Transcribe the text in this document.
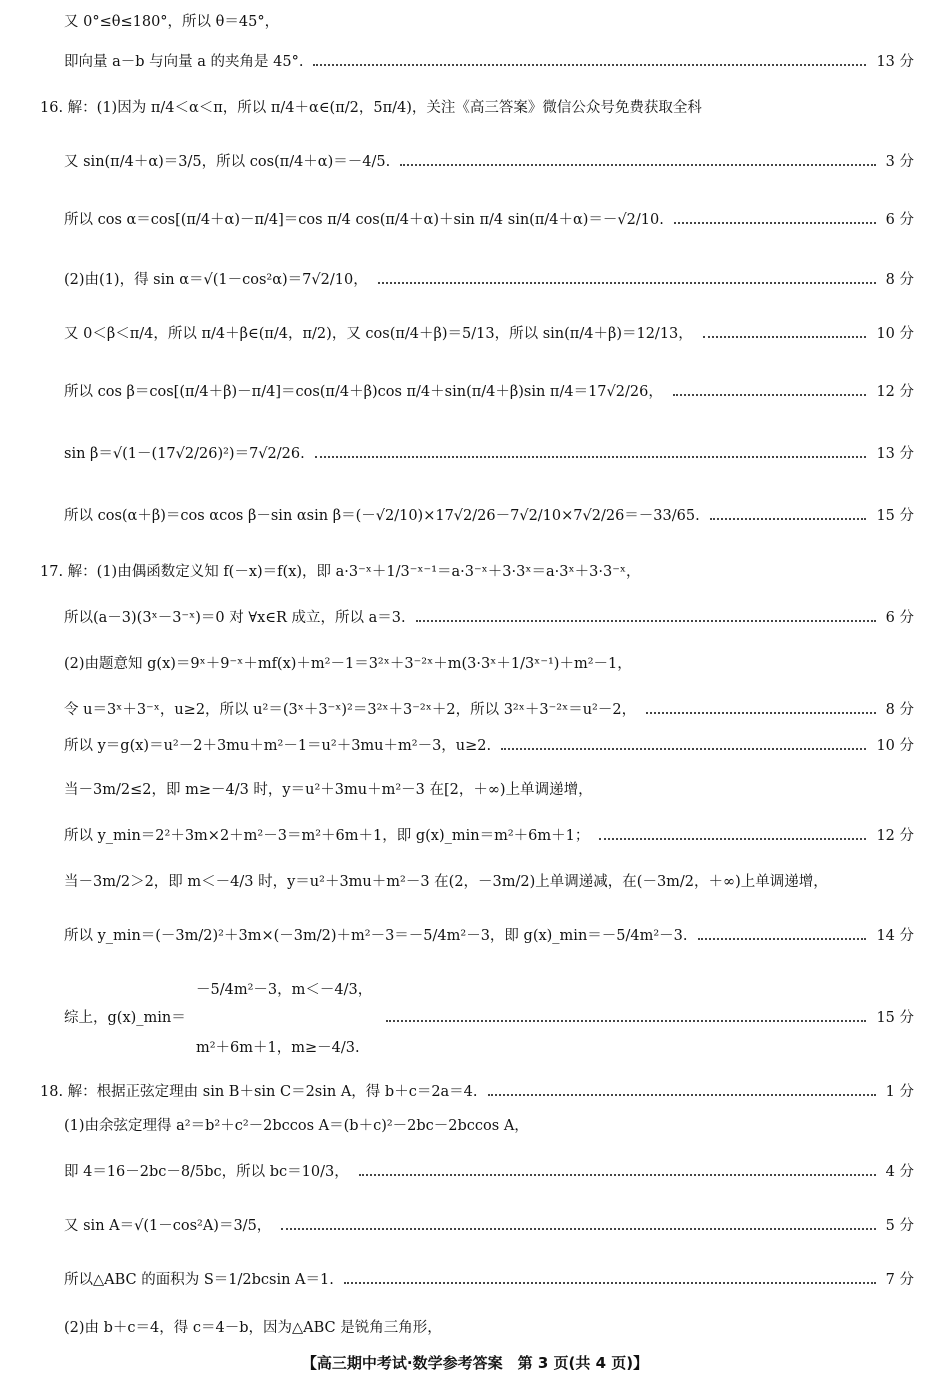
又 0°≤θ≤180°，所以 θ＝45°，
即向量 a－b 与向量 a 的夹角是 45°.	13 分
16. 解：(1)因为 π/4＜α＜π，所以 π/4＋α∈(π/2，5π/4)，关注《高三答案》微信公众号免费获取全科
又 sin(π/4＋α)＝3/5，所以 cos(π/4＋α)＝－4/5.	3 分
所以 cos α＝cos[(π/4＋α)－π/4]＝cos π/4 cos(π/4＋α)＋sin π/4 sin(π/4＋α)＝－√2/10.	6 分
(2)由(1)，得 sin α＝√(1－cos²α)＝7√2/10，	8 分
又 0＜β＜π/4，所以 π/4＋β∈(π/4，π/2)，又 cos(π/4＋β)＝5/13，所以 sin(π/4＋β)＝12/13，	10 分
所以 cos β＝cos[(π/4＋β)－π/4]＝cos(π/4＋β)cos π/4＋sin(π/4＋β)sin π/4＝17√2/26，	12 分
sin β＝√(1－(17√2/26)²)＝7√2/26.	13 分
所以 cos(α＋β)＝cos αcos β－sin αsin β＝(－√2/10)×17√2/26－7√2/10×7√2/26＝－33/65.	15 分
17. 解：(1)由偶函数定义知 f(－x)＝f(x)，即 a·3⁻ˣ＋1/3⁻ˣ⁻¹＝a·3⁻ˣ＋3·3ˣ＝a·3ˣ＋3·3⁻ˣ，
所以(a－3)(3ˣ－3⁻ˣ)＝0 对 ∀x∈R 成立，所以 a＝3.	6 分
(2)由题意知 g(x)＝9ˣ＋9⁻ˣ＋mf(x)＋m²－1＝3²ˣ＋3⁻²ˣ＋m(3·3ˣ＋1/3ˣ⁻¹)＋m²－1，
令 u＝3ˣ＋3⁻ˣ，u≥2，所以 u²＝(3ˣ＋3⁻ˣ)²＝3²ˣ＋3⁻²ˣ＋2，所以 3²ˣ＋3⁻²ˣ＝u²－2，	8 分
所以 y＝g(x)＝u²－2＋3mu＋m²－1＝u²＋3mu＋m²－3，u≥2.	10 分
当－3m/2≤2，即 m≥－4/3 时，y＝u²＋3mu＋m²－3 在[2，＋∞)上单调递增，
所以 y_min＝2²＋3m×2＋m²－3＝m²＋6m＋1，即 g(x)_min＝m²＋6m＋1；	12 分
当－3m/2＞2，即 m＜－4/3 时，y＝u²＋3mu＋m²－3 在(2，－3m/2)上单调递减，在(－3m/2，＋∞)上单调递增，
所以 y_min＝(－3m/2)²＋3m×(－3m/2)＋m²－3＝－5/4m²－3，即 g(x)_min＝－5/4m²－3.	14 分
－5/4m²－3，m＜－4/3，
综上，g(x)_min＝	15 分
m²＋6m＋1，m≥－4/3.
18. 解：根据正弦定理由 sin B＋sin C＝2sin A，得 b＋c＝2a＝4.	1 分
(1)由余弦定理得 a²＝b²＋c²－2bccos A＝(b＋c)²－2bc－2bccos A，
即 4＝16－2bc－8/5bc，所以 bc＝10/3，	4 分
又 sin A＝√(1－cos²A)＝3/5，	5 分
所以△ABC 的面积为 S＝1/2bcsin A＝1.	7 分
(2)由 b＋c＝4，得 c＝4－b，因为△ABC 是锐角三角形，
【高三期中考试·数学参考答案　第 3 页(共 4 页)】
